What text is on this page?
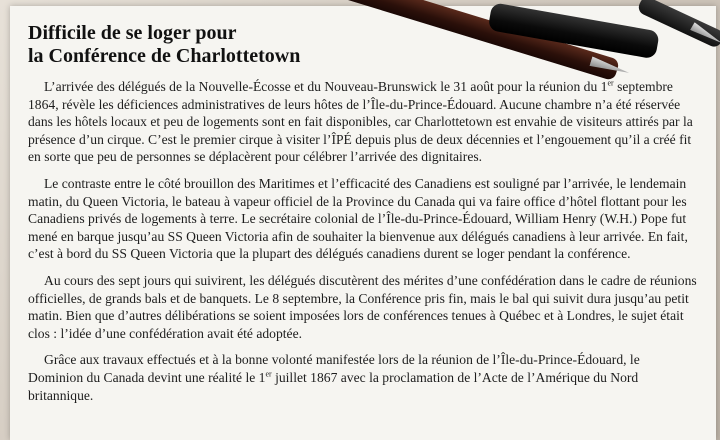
Difficile de se loger pour
la Conférence de Charlottetown

L’arrivée des délégués de la Nouvelle-Écosse et du Nouveau-Brunswick le 31 août pour la réunion du 1er septembre 1864, révèle les déficiences administratives de leurs hôtes de l’Île-du-Prince-Édouard. Aucune chambre n’a été réservée dans les hôtels locaux et peu de logements sont en fait disponibles, car Charlottetown est envahie de visiteurs attirés par la présence d’un cirque. C’est le premier cirque à visiter l’ÎPÉ depuis plus de deux décennies et l’engouement qu’il a créé fit en sorte que peu de personnes se déplacèrent pour célébrer l’arrivée des dignitaires.

Le contraste entre le côté brouillon des Maritimes et l’efficacité des Canadiens est souligné par l’arrivée, le lendemain matin, du Queen Victoria, le bateau à vapeur officiel de la Province du Canada qui va faire office d’hôtel flottant pour les Canadiens privés de logements à terre. Le secrétaire colonial de l’Île-du-Prince-Édouard, William Henry (W.H.) Pope fut mené en barque jusqu’au SS Queen Victoria afin de souhaiter la bienvenue aux délégués canadiens à leur arrivée. En fait, c’est à bord du SS Queen Victoria que la plupart des délégués canadiens durent se loger pendant la conférence.

Au cours des sept jours qui suivirent, les délégués discutèrent des mérites d’une confédération dans le cadre de réunions officielles, de grands bals et de banquets. Le 8 septembre, la Conférence pris fin, mais le bal qui suivit dura jusqu’au petit matin. Bien que d’autres délibérations se soient imposées lors de conférences tenues à Québec et à Londres, le sujet était clos : l’idée d’une confédération avait été adoptée.

Grâce aux travaux effectués et à la bonne volonté manifestée lors de la réunion de l’Île-du-Prince-Édouard, le Dominion du Canada devint une réalité le 1er juillet 1867 avec la proclamation de l’Acte de l’Amérique du Nord britannique.
